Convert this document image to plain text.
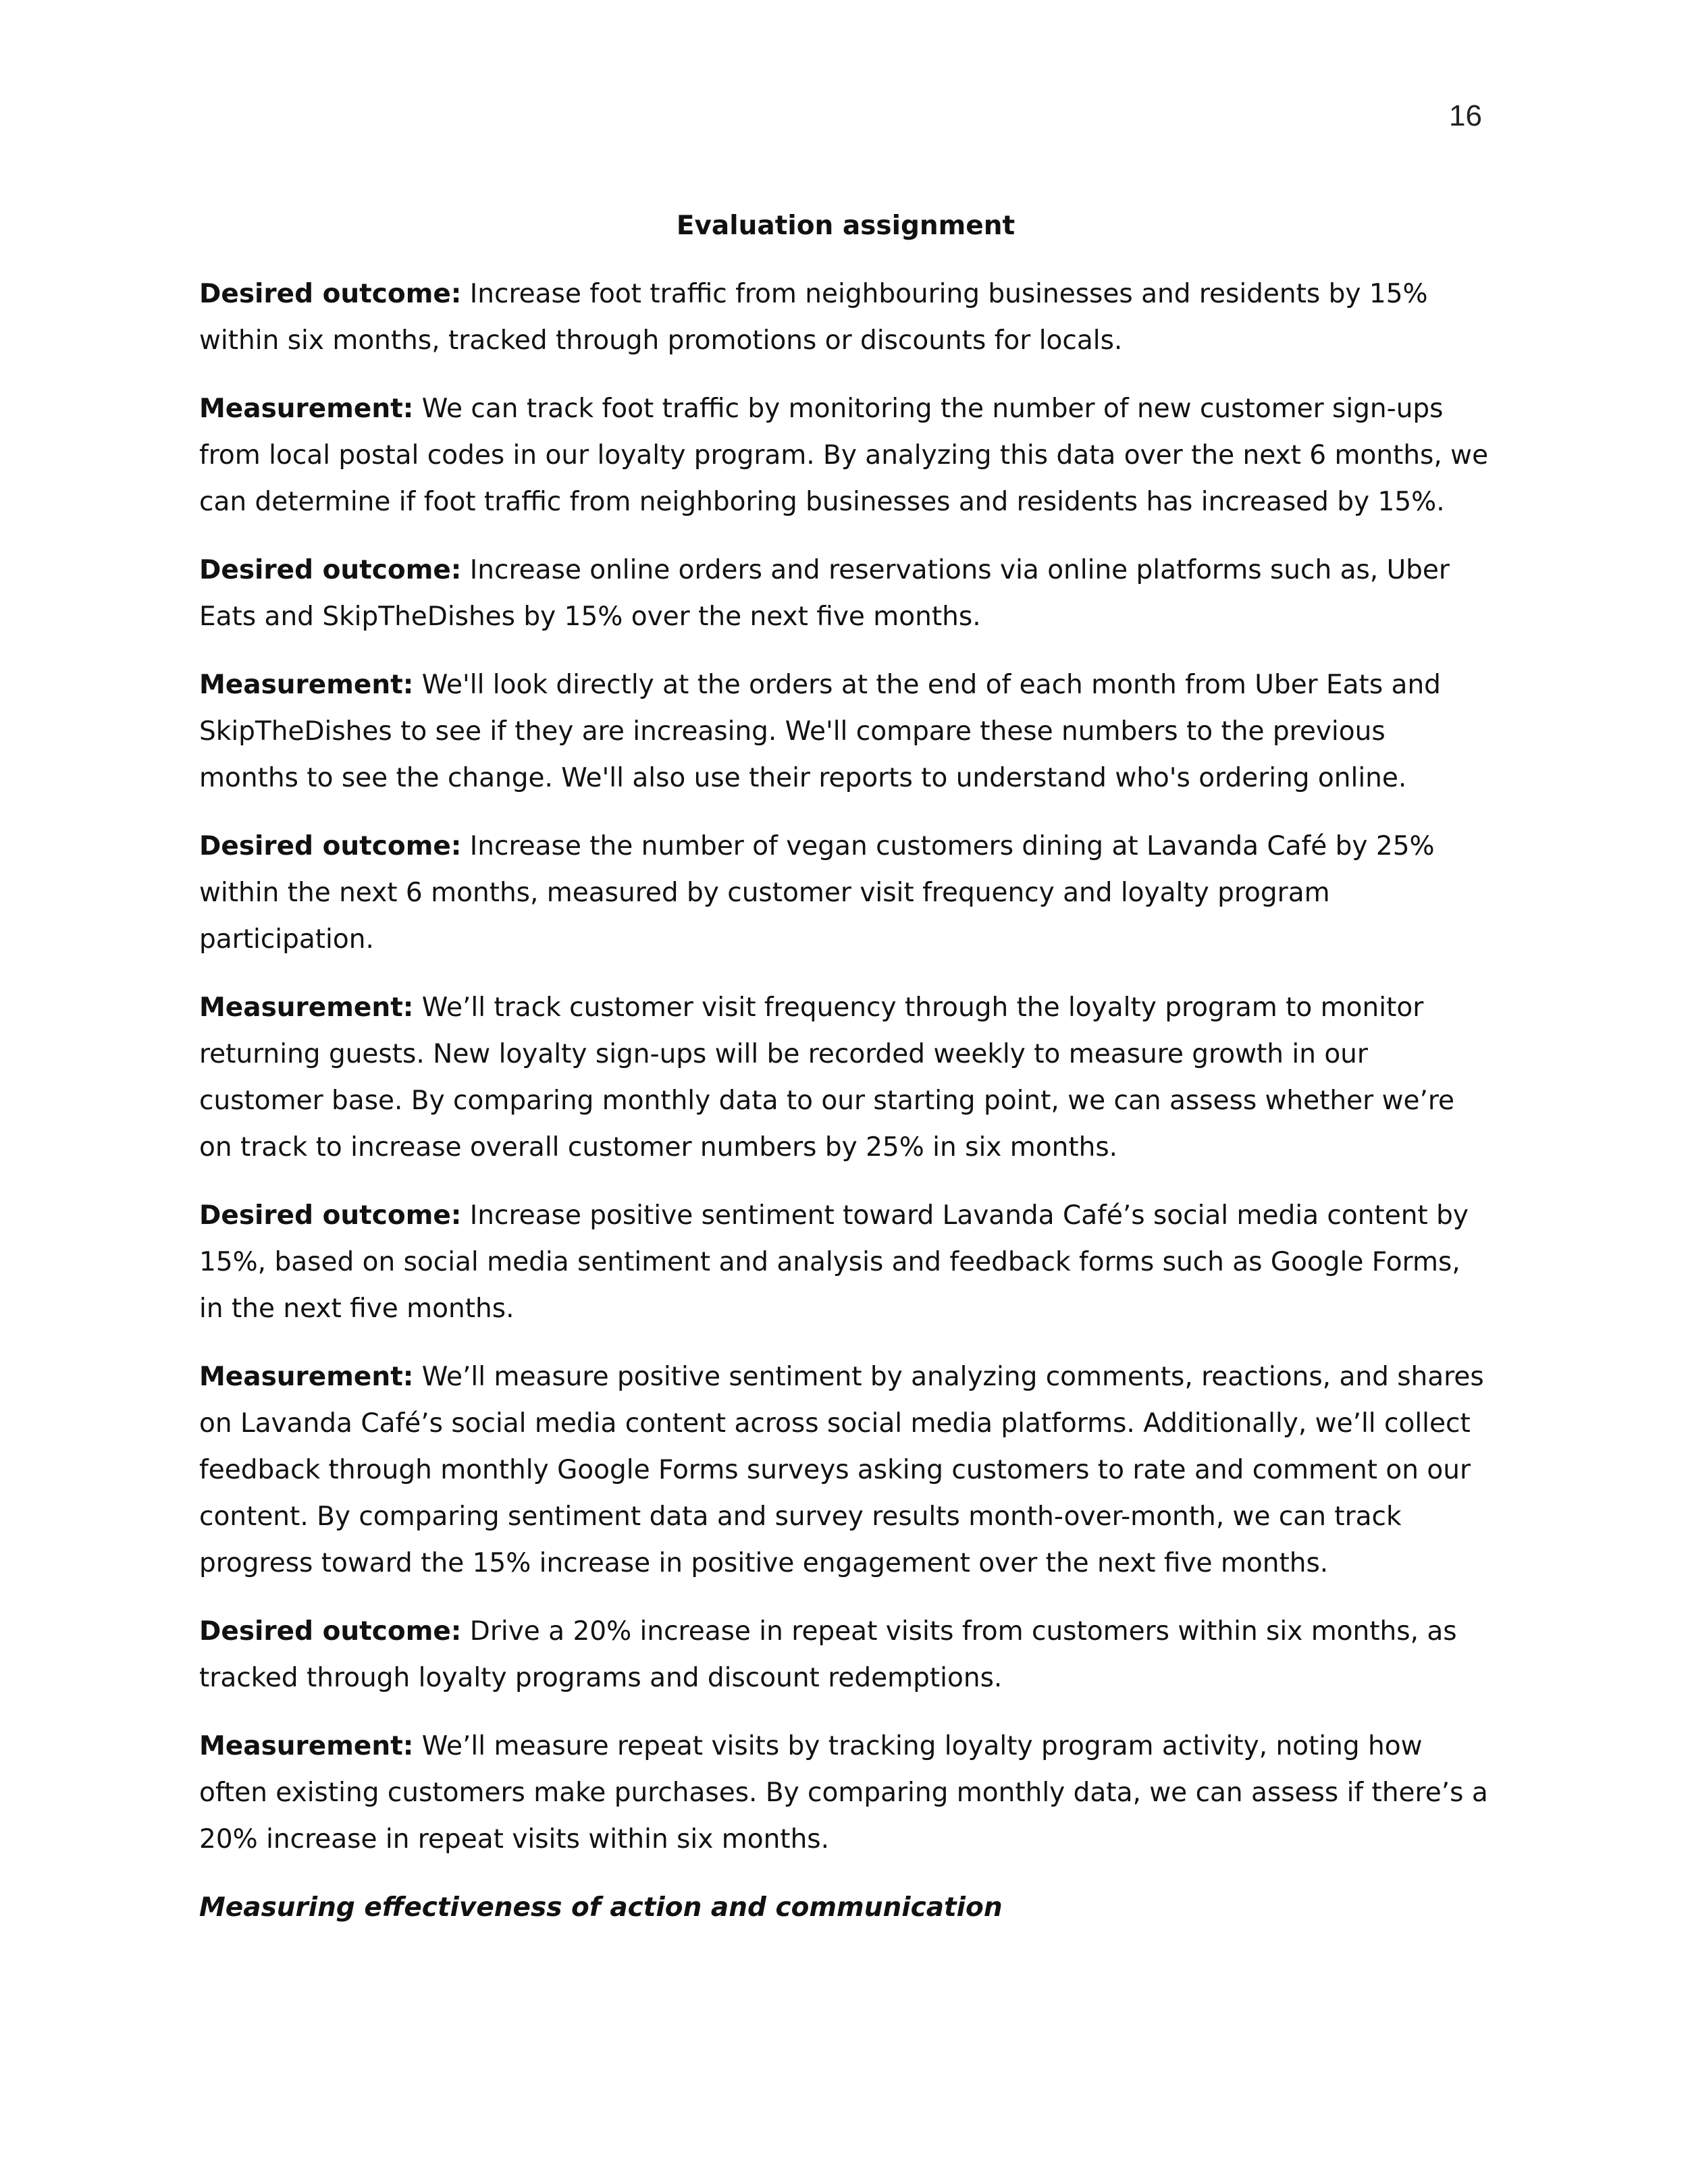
16
Evaluation assignment

Desired outcome: Increase foot traffic from neighbouring businesses and residents by 15% within six months, tracked through promotions or discounts for locals.

Measurement: We can track foot traffic by monitoring the number of new customer sign-ups from local postal codes in our loyalty program. By analyzing this data over the next 6 months, we can determine if foot traffic from neighboring businesses and residents has increased by 15%.

Desired outcome: Increase online orders and reservations via online platforms such as, Uber Eats and SkipTheDishes by 15% over the next five months.

Measurement: We'll look directly at the orders at the end of each month from Uber Eats and SkipTheDishes to see if they are increasing. We'll compare these numbers to the previous months to see the change. We'll also use their reports to understand who's ordering online.

Desired outcome: Increase the number of vegan customers dining at Lavanda Café by 25% within the next 6 months, measured by customer visit frequency and loyalty program participation.

Measurement: We’ll track customer visit frequency through the loyalty program to monitor returning guests. New loyalty sign-ups will be recorded weekly to measure growth in our customer base. By comparing monthly data to our starting point, we can assess whether we’re on track to increase overall customer numbers by 25% in six months.

Desired outcome: Increase positive sentiment toward Lavanda Café’s social media content by 15%, based on social media sentiment and analysis and feedback forms such as Google Forms, in the next five months.

Measurement: We’ll measure positive sentiment by analyzing comments, reactions, and shares on Lavanda Café’s social media content across social media platforms. Additionally, we’ll collect feedback through monthly Google Forms surveys asking customers to rate and comment on our content. By comparing sentiment data and survey results month-over-month, we can track progress toward the 15% increase in positive engagement over the next five months.

Desired outcome: Drive a 20% increase in repeat visits from customers within six months, as tracked through loyalty programs and discount redemptions.

Measurement: We’ll measure repeat visits by tracking loyalty program activity, noting how often existing customers make purchases. By comparing monthly data, we can assess if there’s a 20% increase in repeat visits within six months.

Measuring effectiveness of action and communication
